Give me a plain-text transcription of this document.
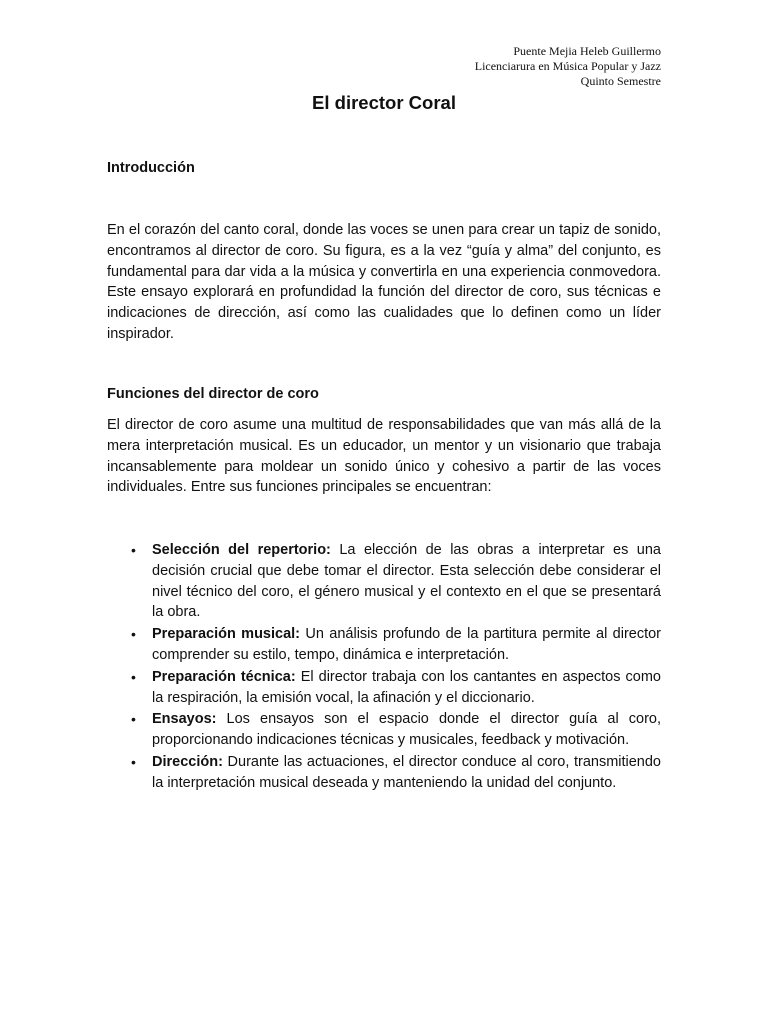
Puente Mejia Heleb Guillermo
Licenciarura en Música Popular y Jazz
Quinto Semestre
El director Coral
Introducción

En el corazón del canto coral, donde las voces se unen para crear un tapiz de sonido, encontramos al director de coro. Su figura, es a la vez “guía y alma” del conjunto, es fundamental para dar vida a la música y convertirla en una experiencia conmovedora. Este ensayo explorará en profundidad la función del director de coro, sus técnicas e indicaciones de dirección, así como las cualidades que lo definen como un líder inspirador.

Funciones del director de coro

El director de coro asume una multitud de responsabilidades que van más allá de la mera interpretación musical. Es un educador, un mentor y un visionario que trabaja incansablemente para moldear un sonido único y cohesivo a partir de las voces individuales. Entre sus funciones principales se encuentran:

• Selección del repertorio: La elección de las obras a interpretar es una decisión crucial que debe tomar el director. Esta selección debe considerar el nivel técnico del coro, el género musical y el contexto en el que se presentará la obra.
• Preparación musical: Un análisis profundo de la partitura permite al director comprender su estilo, tempo, dinámica e interpretación.
• Preparación técnica: El director trabaja con los cantantes en aspectos como la respiración, la emisión vocal, la afinación y el diccionario.
• Ensayos: Los ensayos son el espacio donde el director guía al coro, proporcionando indicaciones técnicas y musicales, feedback y motivación.
• Dirección: Durante las actuaciones, el director conduce al coro, transmitiendo la interpretación musical deseada y manteniendo la unidad del conjunto.
